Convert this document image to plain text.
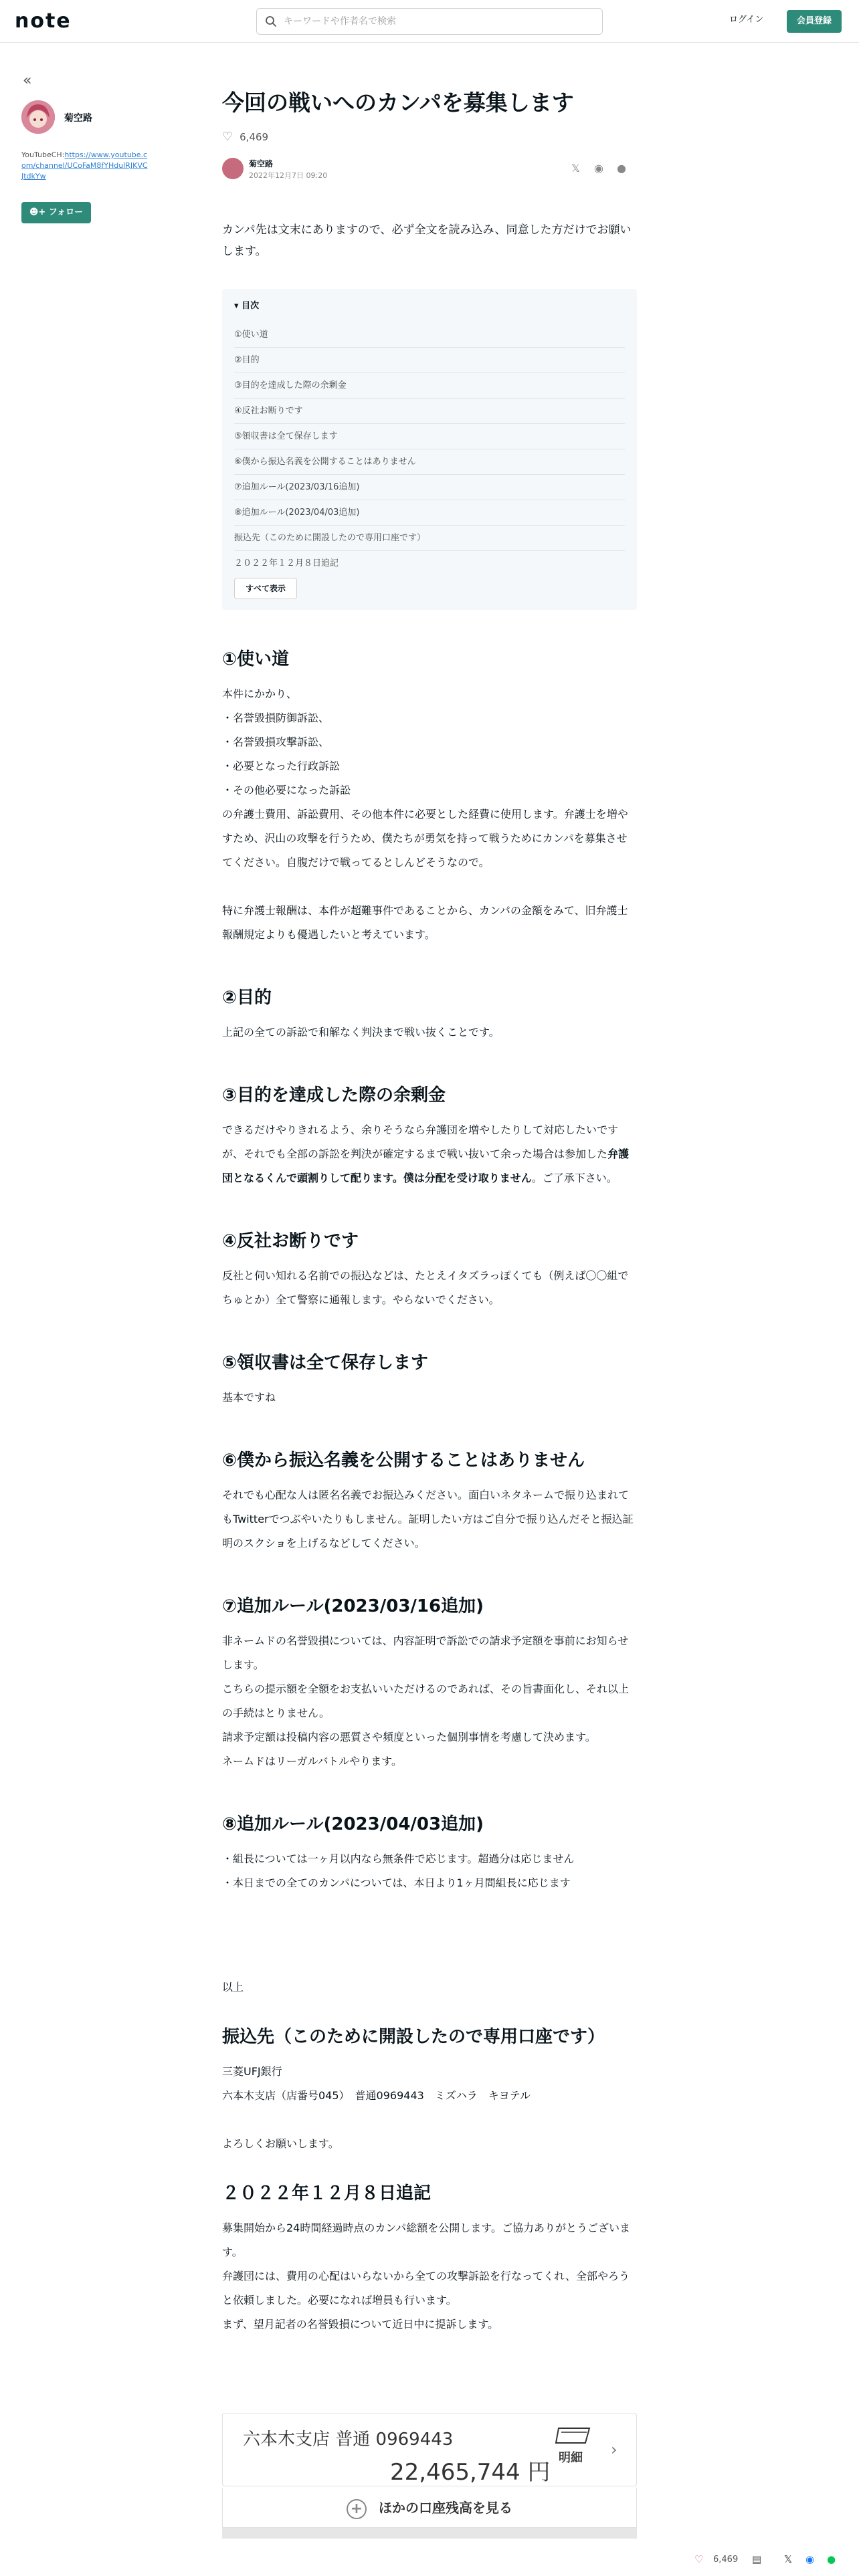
note
キーワードや作者名で検索	ログイン	会員登録
«
菊空路
YouTubeCH:https://www.youtube.com/channel/UCoFaM8fYHdulRJKVCJtdkYw
☻+ フォロー
今回の戦いへのカンパを募集します
♡ 6,469
菊空路
2022年12月7日 09:20
𝕏 ◉ ●

カンパ先は文末にありますので、必ず全文を読み込み、同意した方だけでお願いします。

▾ 目次
①使い道
②目的
③目的を達成した際の余剰金
④反社お断りです
⑤領収書は全て保存します
⑥僕から振込名義を公開することはありません
⑦追加ルール(2023/03/16追加)
⑧追加ルール(2023/04/03追加)
振込先（このために開設したので専用口座です）
２０２２年１２月８日追記
すべて表示
①使い道

本件にかかり、

・名誉毀損防御訴訟、

・名誉毀損攻撃訴訟、

・必要となった行政訴訟

・その他必要になった訴訟

の弁護士費用、訴訟費用、その他本件に必要とした経費に使用します。弁護士を増やすため、沢山の攻撃を行うため、僕たちが勇気を持って戦うためにカンパを募集させてください。自腹だけで戦ってるとしんどそうなので。

特に弁護士報酬は、本件が超難事件であることから、カンパの金額をみて、旧弁護士報酬規定よりも優遇したいと考えています。

②目的

上記の全ての訴訟で和解なく判決まで戦い抜くことです。

③目的を達成した際の余剰金

できるだけやりきれるよう、余りそうなら弁護団を増やしたりして対応したいですが、それでも全部の訴訟を判決が確定するまで戦い抜いて余った場合は参加した弁護団となるくんで頭割りして配ります。僕は分配を受け取りません。ご了承下さい。

④反社お断りです

反社と伺い知れる名前での振込などは、たとえイタズラっぽくても（例えば〇〇組でちゅとか）全て警察に通報します。やらないでください。

⑤領収書は全て保存します

基本ですね

⑥僕から振込名義を公開することはありません

それでも心配な人は匿名名義でお振込みください。面白いネタネームで振り込まれてもTwitterでつぶやいたりもしません。証明したい方はご自分で振り込んだそと振込証明のスクショを上げるなどしてください。

⑦追加ルール(2023/03/16追加)

非ネームドの名誉毀損については、内容証明で訴訟での請求予定額を事前にお知らせします。

こちらの提示額を全額をお支払いいただけるのであれば、その旨書面化し、それ以上の手続はとりません。

請求予定額は投稿内容の悪質さや頻度といった個別事情を考慮して決めます。

ネームドはリーガルバトルやります。

⑧追加ルール(2023/04/03追加)

・組長については一ヶ月以内なら無条件で応じます。超過分は応じません

・本日までの全てのカンパについては、本日より1ヶ月間組長に応じます

以上

振込先（このために開設したので専用口座です）

三菱UFJ銀行

六本木支店（店番号045）　普通0969443　ミズハラ　キヨテル

よろしくお願いします。

２０２２年１２月８日追記

募集開始から24時間経過時点のカンパ総額を公開します。ご協力ありがとうございます。

弁護団には、費用の心配はいらないから全ての攻撃訴訟を行なってくれ、全部やろうと依頼しました。必要になれば増員も行います。

まず、望月記者の名誉毀損について近日中に提訴します。

六本木支店 普通 0969443
明細
22,465,744 円
›
+ ほかの口座残高を見る
♡ 6,469 ▤ 𝕏 ◉ ●
